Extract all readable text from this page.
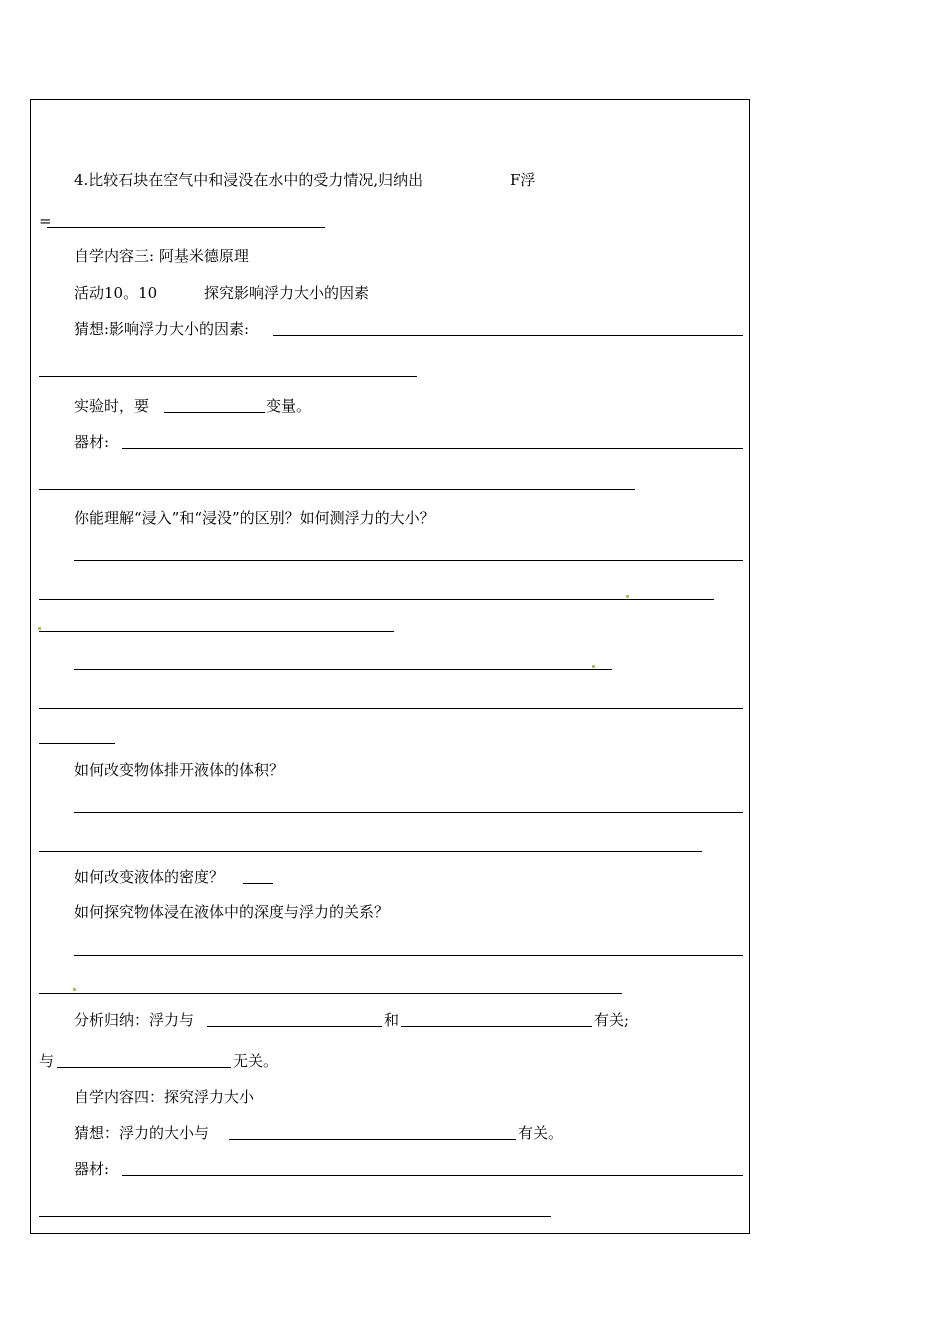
4.比较石块在空气中和浸没在水中的受力情况,归纳出	F浮
=
自学内容三: 阿基米德原理
活动10。10	探究影响浮力大小的因素
猜想:影响浮力大小的因素:
实验时，要	变量。
器材:
你能理解“浸入”和“浸没”的区别？如何测浮力的大小？
如何改变物体排开液体的体积？
如何改变液体的密度？
如何探究物体浸在液体中的深度与浮力的关系？
分析归纳：浮力与	和	有关;
与	无关。
自学内容四：探究浮力大小
猜想：浮力的大小与	有关。
器材:
